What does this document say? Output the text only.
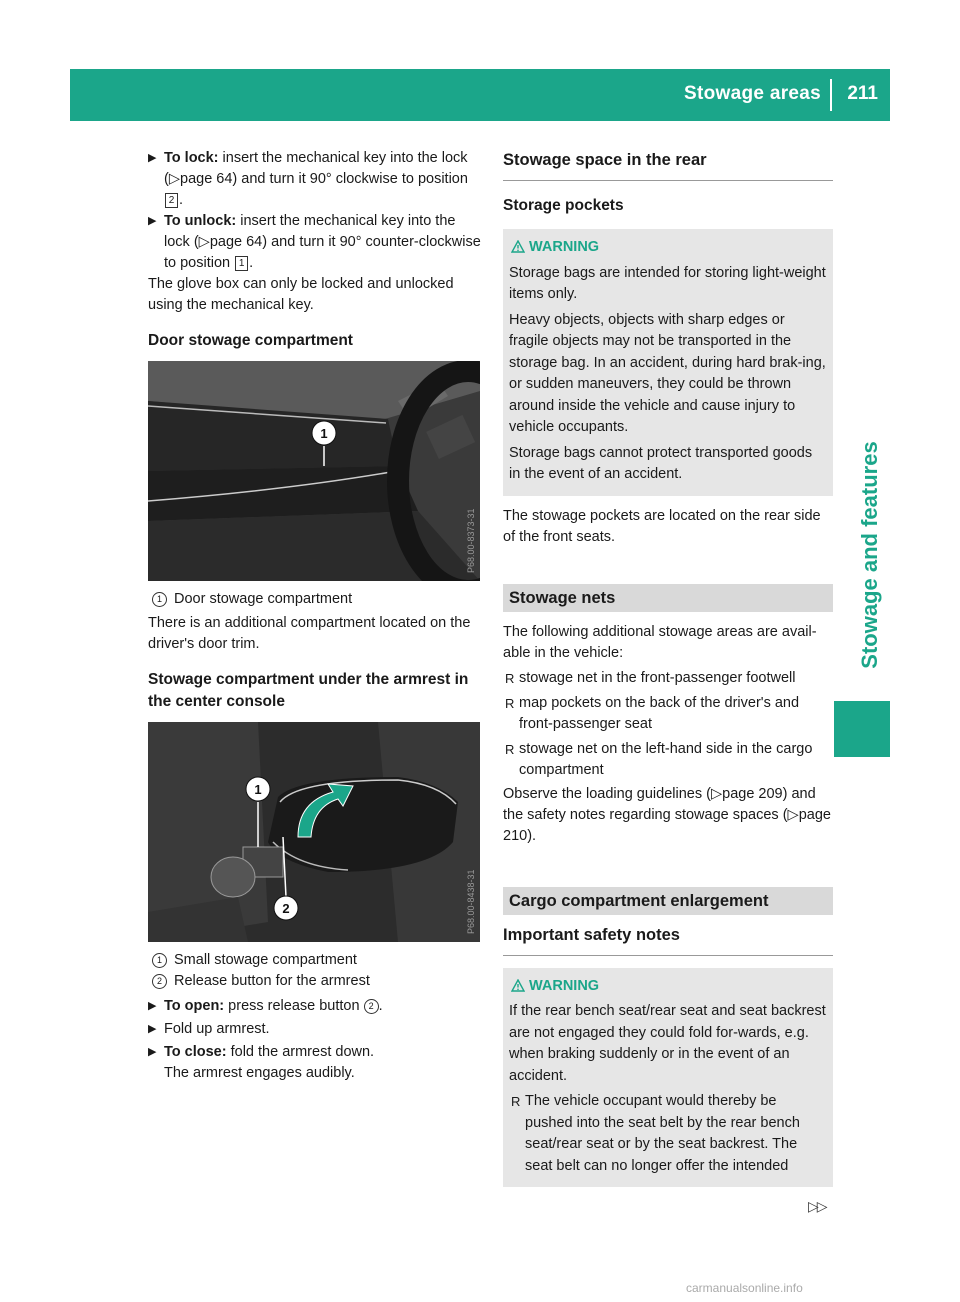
Stowage areas 211
Stowage and features
▶ To lock: insert the mechanical key into the lock (▷page 64) and turn it 90° clockwise to position 2 .
▶ To unlock: insert the mechanical key into the lock (▷page 64) and turn it 90° counter-clockwise to position 1 .

The glove box can only be locked and unlocked using the mechanical key.

Door stowage compartment
1
P68.00-8373-31
1 Door stowage compartment

There is an additional compartment located on the driver's door trim.

Stowage compartment under the armrest in the center console
1
2	P68.00-8438-31
1 Small stowage compartment
2 Release button for the armrest
▶ To open: press release button 2 .
▶ Fold up armrest.
▶ To close: fold the armrest down.
The armrest engages audibly.
Stowage space in the rear
Storage pockets
WARNING

Storage bags are intended for storing light-weight items only.

Heavy objects, objects with sharp edges or fragile objects may not be transported in the storage bag. In an accident, during hard brak-ing, or sudden maneuvers, they could be thrown around inside the vehicle and cause injury to vehicle occupants.

Storage bags cannot protect transported goods in the event of an accident.

The stowage pockets are located on the rear side of the front seats.

Stowage nets

The following additional stowage areas are avail-able in the vehicle:

R stowage net in the front-passenger footwell
R map pockets on the back of the driver's and front-passenger seat
R stowage net on the left-hand side in the cargo compartment

Observe the loading guidelines (▷page 209) and the safety notes regarding stowage spaces (▷page 210).

Cargo compartment enlargement
Important safety notes
WARNING

If the rear bench seat/rear seat and seat backrest are not engaged they could fold for-wards, e.g. when braking suddenly or in the event of an accident.

R The vehicle occupant would thereby be pushed into the seat belt by the rear bench seat/rear seat or by the seat backrest. The seat belt can no longer offer the intended
▷▷
carmanualsonline.info
